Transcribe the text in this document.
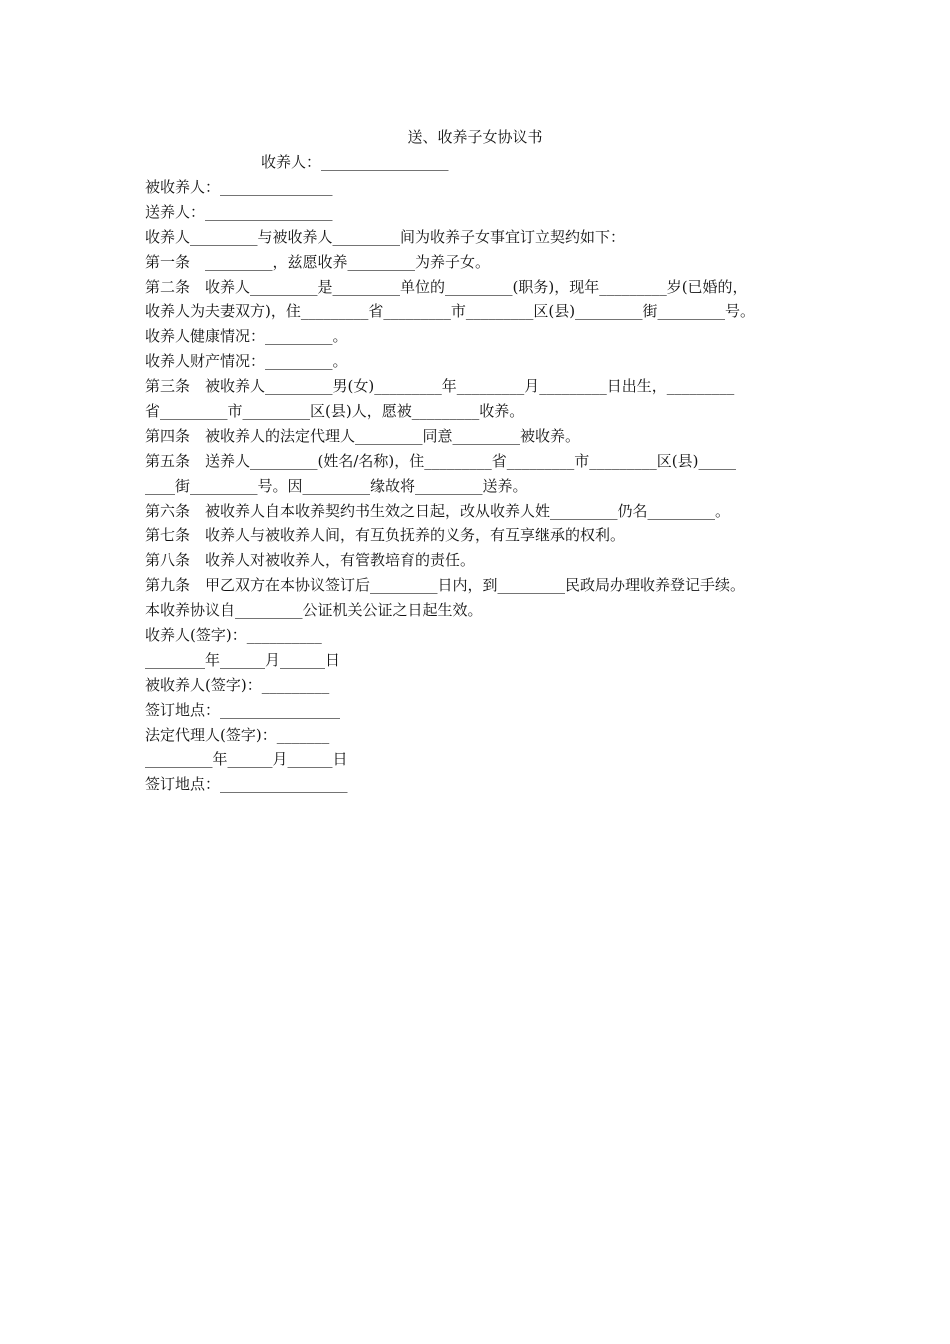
送、收养子女协议书
收养人：_________________
被收养人：_______________
送养人：_________________
收养人_________与被收养人_________间为收养子女事宜订立契约如下：
第一条　_________，兹愿收养_________为养子女。
第二条　收养人_________是_________单位的_________(职务)，现年_________岁(已婚的，
收养人为夫妻双方)，住_________省_________市_________区(县)_________街_________号。
收养人健康情况：_________。
收养人财产情况：_________。
第三条　被收养人_________男(女)_________年_________月_________日出生，_________
省_________市_________区(县)人，愿被_________收养。
第四条　被收养人的法定代理人_________同意_________被收养。
第五条　送养人_________(姓名/名称)，住_________省_________市_________区(县)_____
____街_________号。因_________缘故将_________送养。
第六条　被收养人自本收养契约书生效之日起，改从收养人姓_________仍名_________。
第七条　收养人与被收养人间，有互负抚养的义务，有互享继承的权利。
第八条　收养人对被收养人，有管教培育的责任。
第九条　甲乙双方在本协议签订后_________日内，到_________民政局办理收养登记手续。
本收养协议自_________公证机关公证之日起生效。
收养人(签字)：__________
________年______月______日
被收养人(签字)：_________
签订地点：________________
法定代理人(签字)：_______
_________年______月______日
签订地点：_________________
